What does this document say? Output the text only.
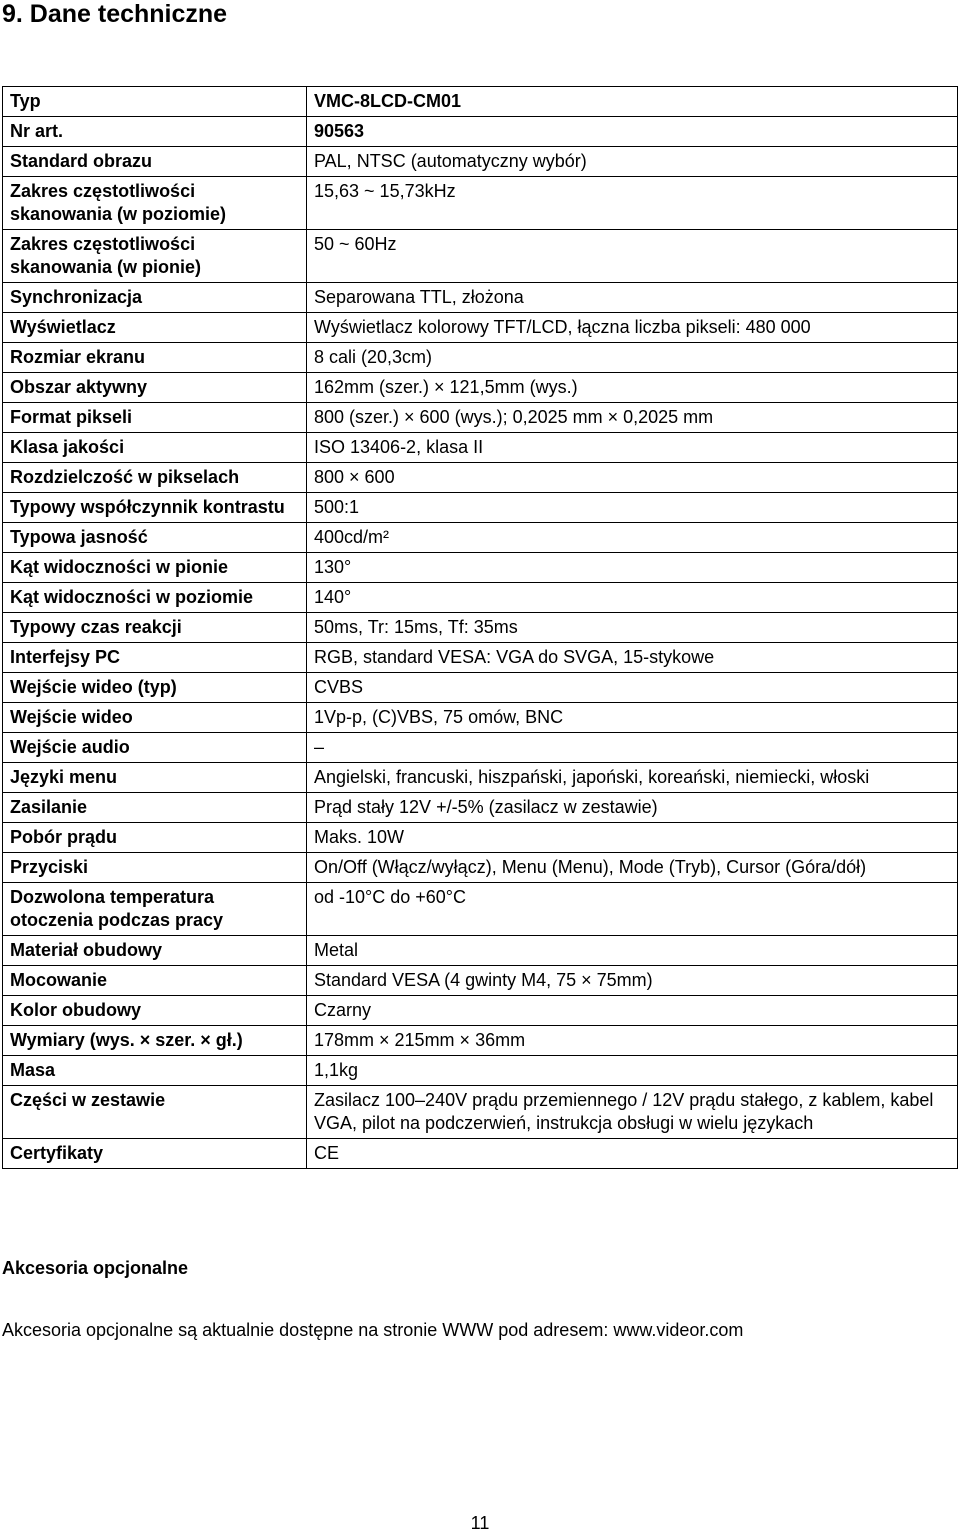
9. Dane techniczne
Typ	VMC-8LCD-CM01
Nr art.	90563
Standard obrazu	PAL, NTSC (automatyczny wybór)
Zakres częstotliwości skanowania (w poziomie)	15,63 ~ 15,73kHz
Zakres częstotliwości skanowania (w pionie)	50 ~ 60Hz
Synchronizacja	Separowana TTL, złożona
Wyświetlacz	Wyświetlacz kolorowy TFT/LCD, łączna liczba pikseli: 480 000
Rozmiar ekranu	8 cali (20,3cm)
Obszar aktywny	162mm (szer.) × 121,5mm (wys.)
Format pikseli	800 (szer.) × 600 (wys.); 0,2025 mm × 0,2025 mm
Klasa jakości	ISO 13406-2, klasa II
Rozdzielczość w pikselach	800 × 600
Typowy współczynnik kontrastu	500:1
Typowa jasność	400cd/m²
Kąt widoczności w pionie	130°
Kąt widoczności w poziomie	140°
Typowy czas reakcji	50ms, Tr: 15ms, Tf: 35ms
Interfejsy PC	RGB, standard VESA: VGA do SVGA, 15-stykowe
Wejście wideo (typ)	CVBS
Wejście wideo	1Vp-p, (C)VBS, 75 omów, BNC
Wejście audio	–
Języki menu	Angielski, francuski, hiszpański, japoński, koreański, niemiecki, włoski
Zasilanie	Prąd stały 12V +/-5% (zasilacz w zestawie)
Pobór prądu	Maks. 10W
Przyciski	On/Off (Włącz/wyłącz), Menu (Menu), Mode (Tryb), Cursor (Góra/dół)
Dozwolona temperatura otoczenia podczas pracy	od -10°C do +60°C
Materiał obudowy	Metal
Mocowanie	Standard VESA (4 gwinty M4, 75 × 75mm)
Kolor obudowy	Czarny
Wymiary (wys. × szer. × gł.)	178mm × 215mm × 36mm
Masa	1,1kg
Części w zestawie	Zasilacz 100–240V prądu przemiennego / 12V prądu stałego, z kablem, kabel VGA, pilot na podczerwień, instrukcja obsługi w wielu językach
Certyfikaty	CE

Akcesoria opcjonalne

Akcesoria opcjonalne są aktualnie dostępne na stronie WWW pod adresem: www.videor.com

11
